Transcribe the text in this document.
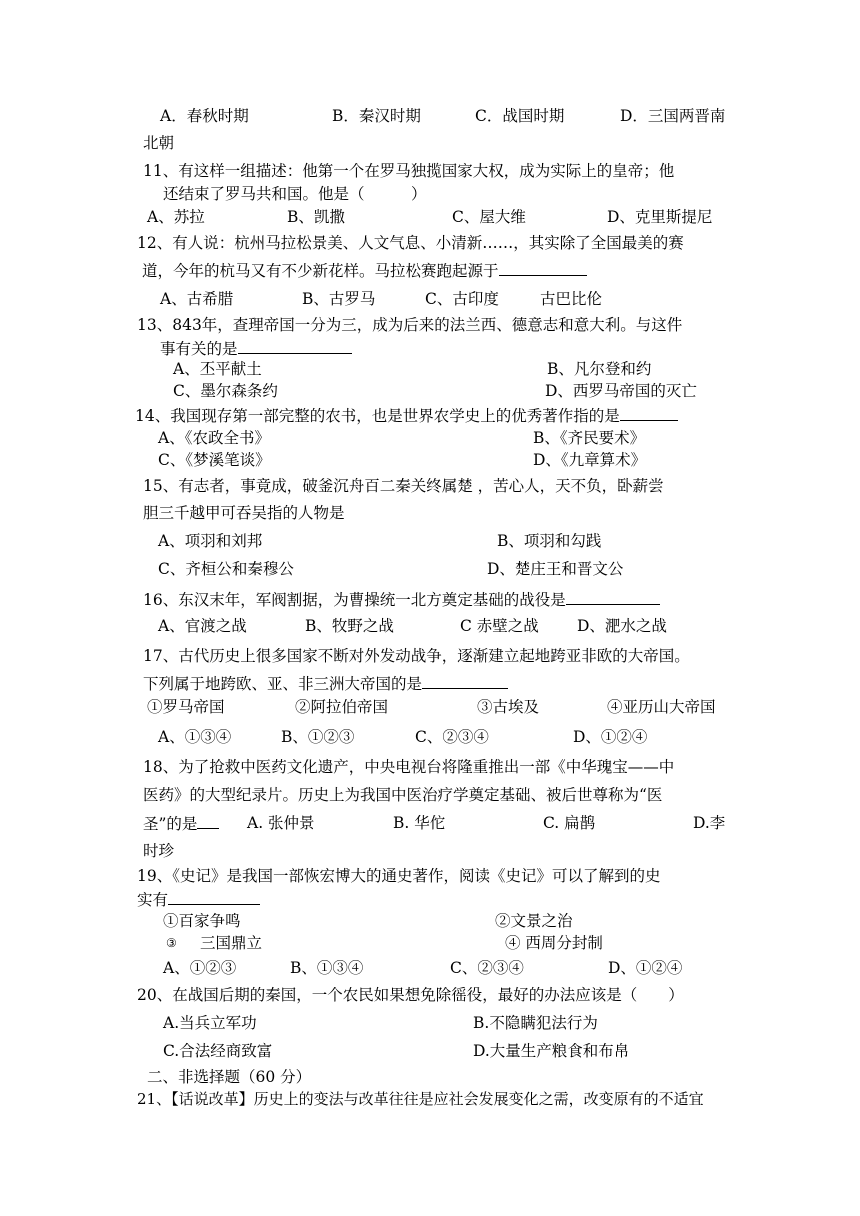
A．春秋时期	B．秦汉时期	C．战国时期	D．三国两晋南
北朝
11、有这样一组描述：他第一个在罗马独揽国家大权，成为实际上的皇帝；他
还结束了罗马共和国。他是（　　　）
A、苏拉	B、凯撒	C、屋大维	D、克里斯提尼
12、有人说：杭州马拉松景美、人文气息、小清新……，其实除了全国最美的赛
道，今年的杭马又有不少新花样。马拉松赛跑起源于
A、古希腊	B、古罗马	C、古印度	古巴比伦
13、843年，查理帝国一分为三，成为后来的法兰西、德意志和意大利。与这件
事有关的是
A、丕平献土	B、凡尔登和约
C、墨尔森条约	D、西罗马帝国的灭亡
14、我国现存第一部完整的农书，也是世界农学史上的优秀著作指的是
A、《农政全书》	B、《齐民要术》
C、《梦溪笔谈》	D、《九章算术》
15、有志者，事竟成，破釜沉舟百二秦关终属楚 ，苦心人，天不负，卧薪尝
胆三千越甲可吞吴指的人物是
A、项羽和刘邦	B、项羽和勾践
C、齐桓公和秦穆公	D、楚庄王和晋文公
16、东汉末年，军阀割据，为曹操统一北方奠定基础的战役是
A、官渡之战	B、牧野之战	C 赤壁之战 D、淝水之战
17、古代历史上很多国家不断对外发动战争，逐渐建立起地跨亚非欧的大帝国。
下列属于地跨欧、亚、非三洲大帝国的是
①罗马帝国	②阿拉伯帝国	③古埃及	④亚历山大帝国
A、①③④	B、①②③	C、②③④	D、①②④
18、为了抢救中医药文化遗产，中央电视台将隆重推出一部《中华瑰宝——中
医药》的大型纪录片。历史上为我国中医治疗学奠定基础、被后世尊称为“医
圣”的是	A. 张仲景	B. 华佗	C. 扁鹊	D.李
时珍
19、《史记》是我国一部恢宏博大的通史著作，阅读《史记》可以了解到的史
实有
①百家争鸣	②文景之治
③ 三国鼎立	④ 西周分封制
A、①②③	B、①③④	C、②③④	D、①②④
20、在战国后期的秦国，一个农民如果想免除徭役，最好的办法应该是（　　）
A.当兵立军功	B.不隐瞒犯法行为
C.合法经商致富	D.大量生产粮食和布帛
二、非选择题（60 分）
21、【话说改革】历史上的变法与改革往往是应社会发展变化之需，改变原有的不适宜
